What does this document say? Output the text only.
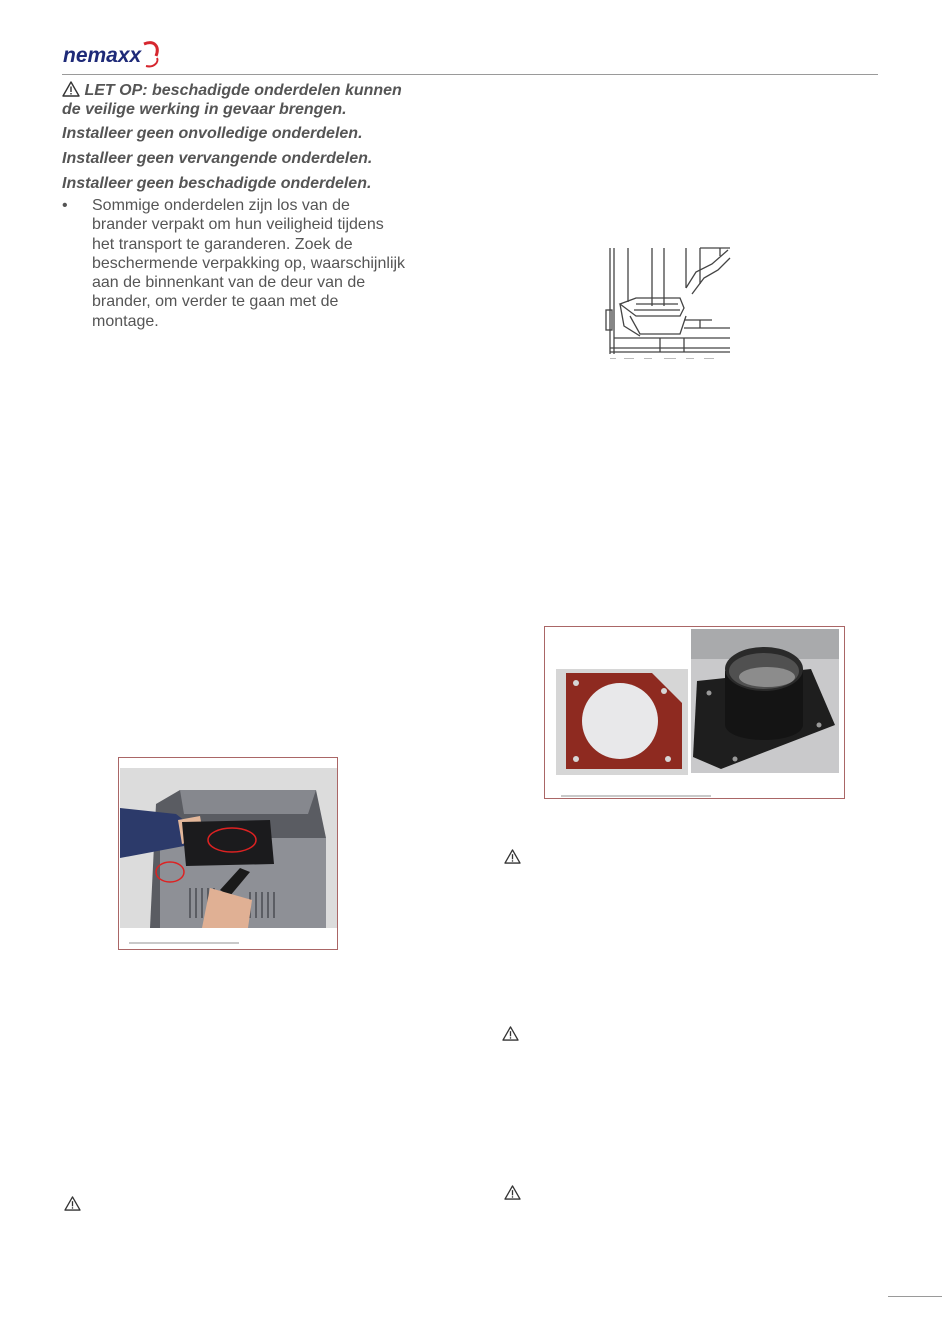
nemaxx
LET OP: beschadigde onderdelen kunnen
de veilige werking in gevaar brengen.
Installeer geen onvolledige onderdelen.
Installeer geen vervangende onderdelen.
Installeer geen beschadigde onderdelen.
•	Sommige onderdelen zijn los van de
brander verpakt om hun veiligheid tijdens
het transport te garanderen. Zoek de
beschermende verpakking op, waarschijnlijk
aan de binnenkant van de deur van de
brander, om verder te gaan met de
montage.
